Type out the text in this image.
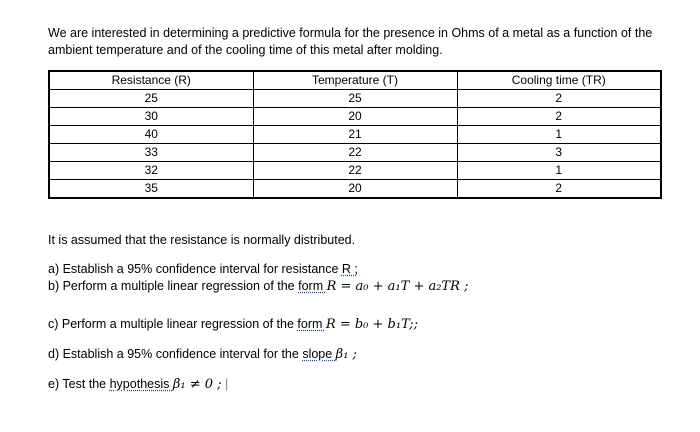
We are interested in determining a predictive formula for the presence in Ohms of a metal as a function of the ambient temperature and of the cooling time of this metal after molding.

Resistance (R)	Temperature (T)	Cooling time (TR)
25	25	2
30	20	2
40	21	1
33	22	3
32	22	1
35	20	2

It is assumed that the resistance is normally distributed.

a) Establish a 95% confidence interval for resistance R ;

b) Perform a multiple linear regression of the form R = a₀ + a₁T + a₂TR ;

c) Perform a multiple linear regression of the form R = b₀ + b₁T;;

d) Establish a 95% confidence interval for the slope β₁ ;

e) Test the hypothesis β₁ ≠ 0 ; |
